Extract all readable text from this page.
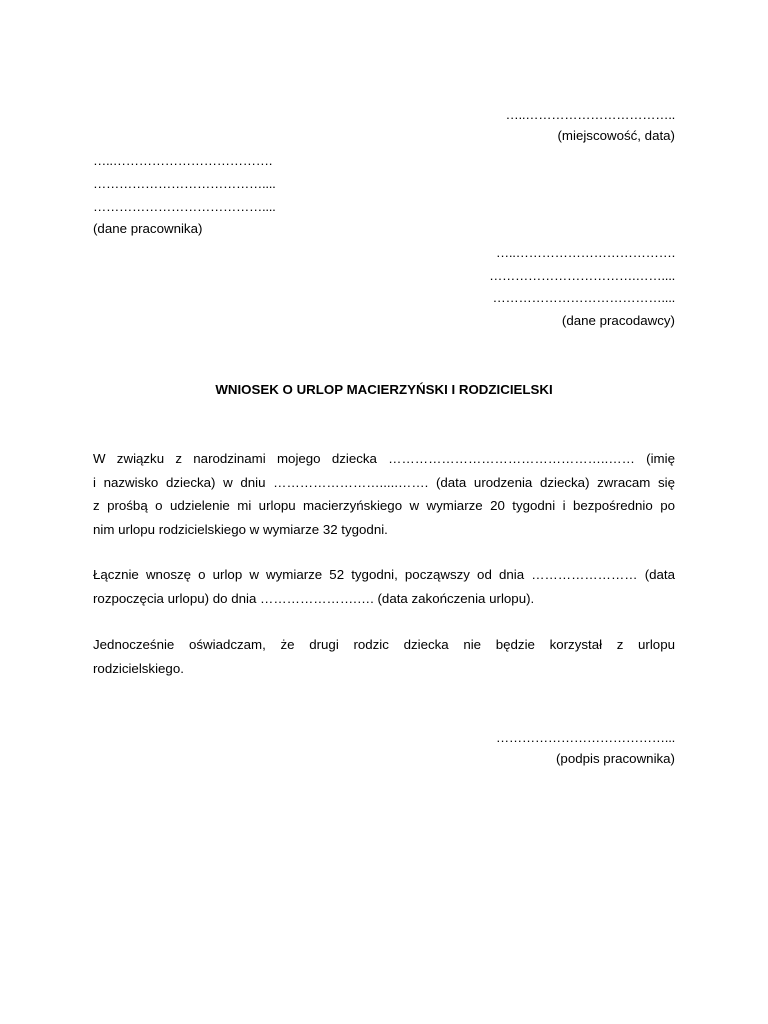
…..……………………………..
(miejscowość, data)
…..……………………………….
…………………………………....
…………………………………....
(dane pracownika)
…..……………………………….
…………………………….……....
…………………………………....
(dane pracodawcy)
WNIOSEK O URLOP MACIERZYŃSKI I RODZICIELSKI
W związku z narodzinami mojego dziecka …………………………………………..…… (imię
i nazwisko dziecka) w dniu …………………….....……. (data urodzenia dziecka) zwracam się
z prośbą o udzielenie mi urlopu macierzyńskiego w wymiarze 20 tygodni i bezpośrednio po
nim urlopu rodzicielskiego w wymiarze 32 tygodni.
Łącznie wnoszę o urlop w wymiarze 52 tygodni, począwszy od dnia …………………… (data
rozpoczęcia urlopu) do dnia ………………….…. (data zakończenia urlopu).
Jednocześnie oświadczam, że drugi rodzic dziecka nie będzie korzystał z urlopu
rodzicielskiego.
…………………………………...
(podpis pracownika)
